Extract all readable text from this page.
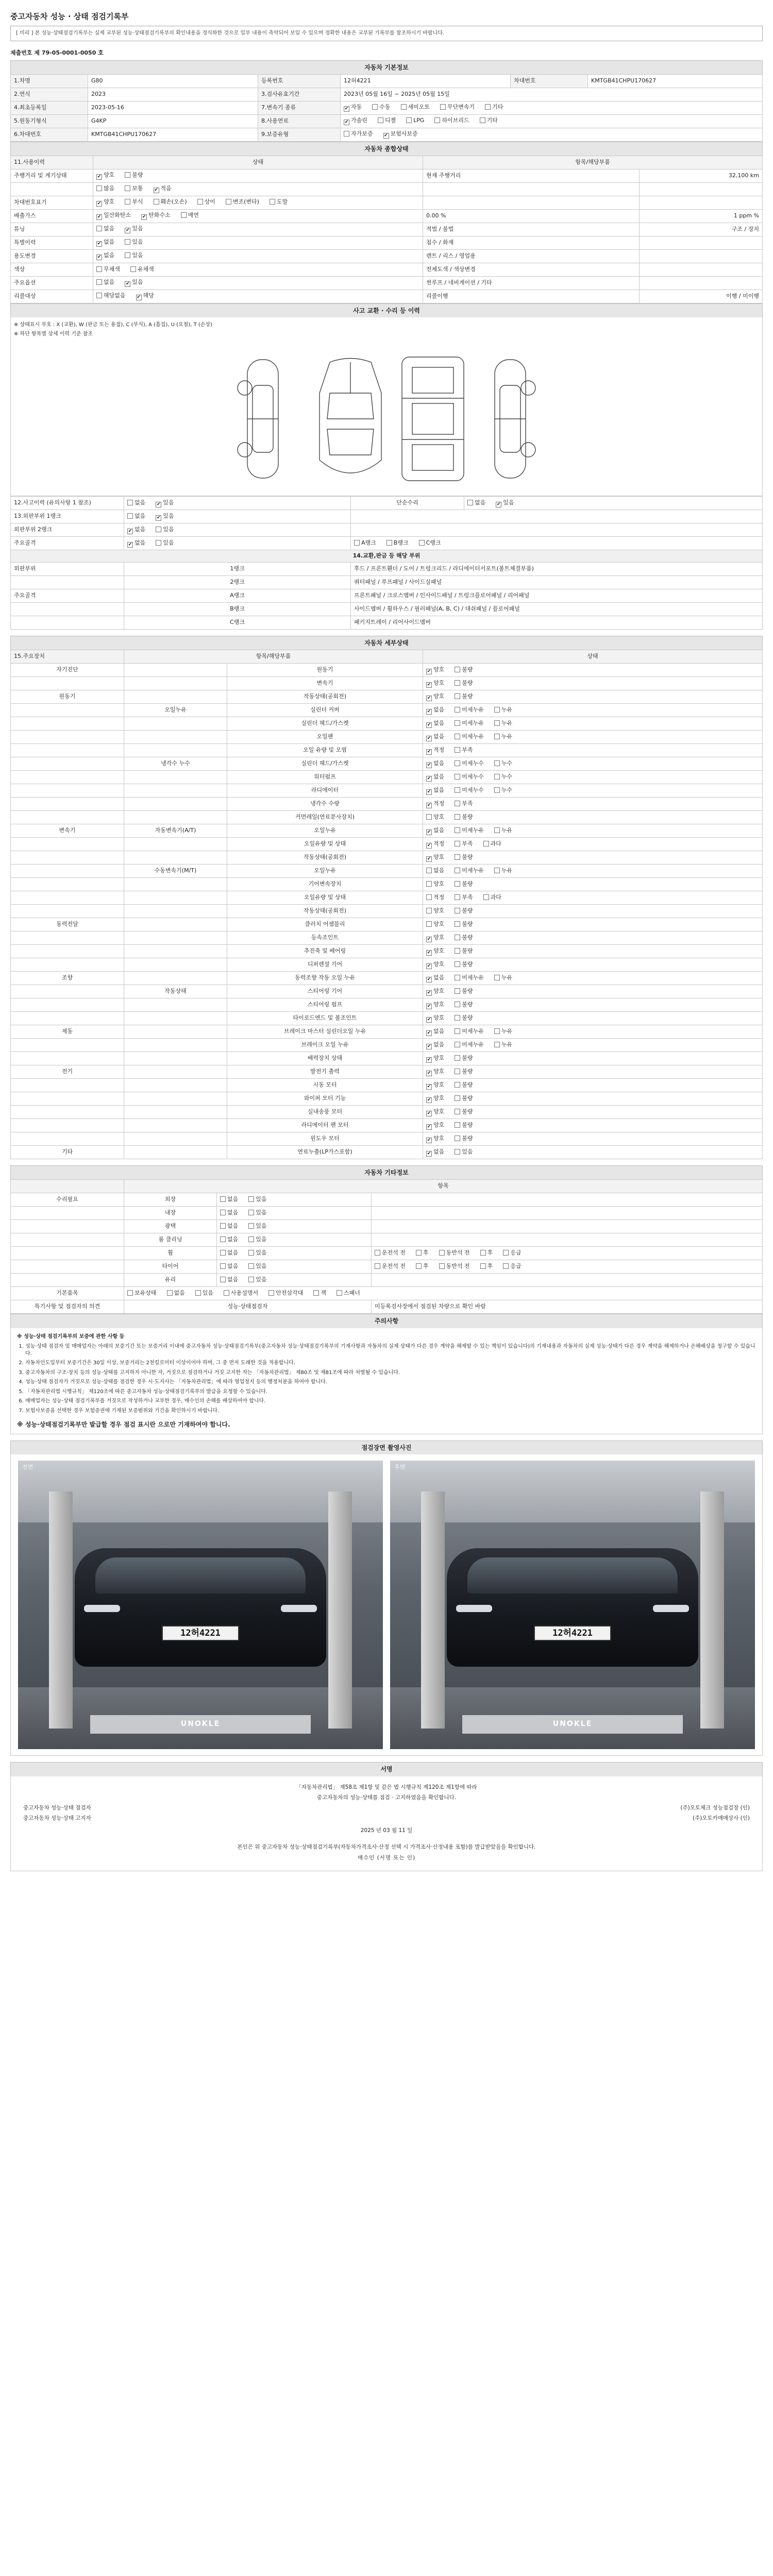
중고자동차 성능 · 상태 점검기록부
[ 미리 ] 본 성능·상태점검기록부는 실제 교부된 성능·상태점검기록부의 확인내용을 정식화한 것으로 일부 내용이 축약되어 보일 수 있으며 정확한 내용은 교부된 기록부를 참조하시기 바랍니다.
제출번호 제 79-05-0001-0050 호
자동차 기본정보
1.차명	G80	등록번호	12허4221	차대번호	KMTGB41CHPU170627
2.연식	2023	3.검사유효기간	2023년 05월 16일 ~ 2025년 05월 15일		
4.최초등록일	2023-05-16	7.변속기 종류	✔자동 수동 세미오토 무단변속기 기타
5.원동기형식	G4KP	8.사용연료	✔가솔린 디젤 LPG 하이브리드 기타
6.차대번호	KMTGB41CHPU170627	9.보증유형	자가보증 ✔ 보험사보증
자동차 종합상태
11.사용이력	상태	항목/해당부품	
주행거리 및 계기상태	✔양호 불량	현재 주행거리	32,100 km
	많음 보통 ✔ 적음		
차대번호표기	✔양호 부식 훼손(오손) 상이 변조(변타) 도말		
배출가스	✔일산화탄소 ✔ 탄화수소 매연	0.00 %	1 ppm %
튜닝	없음 ✔ 있음	적법 / 불법	구조 / 장치
특별이력	✔없음 있음	침수 / 화재	
용도변경	✔없음 있음	렌트 / 리스 / 영업용	
색상	무채색 유채색	전체도색 / 색상변경	
주요옵션	없음 ✔ 있음	썬루프 / 네비게이션 / 기타	
리콜대상	해당없음 ✔ 해당	리콜이행	이행 / 미이행
사고 교환 · 수리 등 이력
※ 상태표시 부호 : X (교환), W (판금 또는 용접), C (부식), A (흠집), U (요철), T (손상)
※ 하단 항목별 상세 이력 기준 참조
12.사고이력 (유의사항 1 참조)	없음 ✔ 있음	단순수리	없음 ✔ 있음
13.외판부위 1랭크	없음 ✔ 있음	
외판부위 2랭크	✔없음 있음	
주요골격	✔없음 있음	A랭크 B랭크 C랭크	
14.교환,판금 등 해당 부위
외판부위	1랭크	후드 / 프론트휀더 / 도어 / 트렁크리드 / 라디에이터서포트(볼트체결부품)
	2랭크	쿼터패널 / 루프패널 / 사이드실패널
주요골격	A랭크	프론트패널 / 크로스멤버 / 인사이드패널 / 트렁크플로어패널 / 리어패널
	B랭크	사이드멤버 / 휠하우스 / 필러패널(A, B, C) / 대쉬패널 / 플로어패널
	C랭크	패키지트레이 / 리어사이드멤버
자동차 세부상태
15.주요장치	항목/해당부품		상태
자기진단		원동기	✔양호 불량
		변속기	✔양호 불량
원동기		작동상태(공회전)	✔양호 불량
	오일누유	실린더 커버	✔없음 미세누유 누유
		실린더 헤드/가스켓	✔없음 미세누유 누유
		오일팬	✔없음 미세누유 누유
		오일 유량 및 오염	✔적정 부족
	냉각수 누수	실린더 헤드/가스켓	✔없음 미세누수 누수
		워터펌프	✔없음 미세누수 누수
		라디에이터	✔없음 미세누수 누수
		냉각수 수량	✔적정 부족
		커먼레일(연료분사장치)	양호 불량
변속기	자동변속기(A/T)	오일누유	✔없음 미세누유 누유
		오일유량 및 상태	✔적정 부족 과다
		작동상태(공회전)	✔양호 불량
	수동변속기(M/T)	오일누유	없음 미세누유 누유
		기어변속장치	양호 불량
		오일유량 및 상태	적정 부족 과다
		작동상태(공회전)	양호 불량
동력전달		클러치 어셈블리	양호 불량
		등속조인트	✔양호 불량
		추진축 및 베어링	✔양호 불량
		디퍼렌셜 기어	✔양호 불량
조향		동력조향 작동 오일 누유	✔없음 미세누유 누유
	작동상태	스티어링 기어	✔양호 불량
		스티어링 펌프	✔양호 불량
		타이로드엔드 및 볼조인트	✔양호 불량
제동		브레이크 마스터 실린더오일 누유	✔없음 미세누유 누유
		브레이크 오일 누유	✔없음 미세누유 누유
		배력장치 상태	✔양호 불량
전기		발전기 출력	✔양호 불량
		시동 모터	✔양호 불량
		와이퍼 모터 기능	✔양호 불량
		실내송풍 모터	✔양호 불량
		라디에이터 팬 모터	✔양호 불량
		윈도우 모터	✔양호 불량
기타		연료누출(LP가스포함)	✔없음 있음
자동차 기타정보
	항목		
수리필요	외장	없음 있음	
	내장	없음 있음	
	광택	없음 있음	
	룸 클리닝	없음 있음	
	휠	없음 있음	운전석 전 후 동반석 전 후 응급
	타이어	없음 있음	운전석 전 후 동반석 전 후 응급
	유리	없음 있음	
기본품목	보유상태 없음 있음 사용설명서 안전삼각대 잭 스패너		
특기사항 및 점검자의 의견	성능·상태점검자		미등록검사장에서 점검된 차량으로 확인 바람
주의사항
※ 성능·상태 점검기록부의 보증에 관한 사항 등
1. 성능·상태 점검자 및 매매업자는 아래의 보증기간 또는 보증거리 이내에 중고자동차 성능·상태점검기록부(중고자동차 성능·상태점검기록부의 기재사항과 자동차의 실제 상태가 다른 경우 계약을 해제할 수 있는 책임이 있습니다)의 기재내용과 자동차의 실제 성능·상태가 다른 경우 계약을 해제하거나 손해배상을 청구할 수 있습니다.
2. 자동차인도일부터 보증기간은 30일 이상, 보증거리는 2천킬로미터 이상이어야 하며, 그 중 먼저 도래한 것을 적용합니다.
3. 중고자동차의 구조·장치 등의 성능·상태를 고지하지 아니한 자, 거짓으로 점검하거나 거짓 고지한 자는 「자동차관리법」 제80조 및 제81조에 따라 처벌될 수 있습니다.
4. 성능·상태 점검자가 거짓으로 성능·상태를 점검한 경우 시·도지사는 「자동차관리법」에 따라 영업정지 등의 행정처분을 하여야 합니다.
5. 「자동차관리법 시행규칙」 제120조에 따른 중고자동차 성능·상태점검기록부의 발급을 요청할 수 있습니다.
6. 매매업자는 성능·상태 점검기록부를 거짓으로 작성하거나 교부한 경우, 매수인의 손해를 배상하여야 합니다.
7. 보험사보증을 선택한 경우 보험증권에 기재된 보증범위와 기간을 확인하시기 바랍니다.
※ 성능·상태점검기록부만 발급할 경우 점검 표시란 으로만 기재하여야 합니다.
점검장면 촬영사진
12허4221
UNOKLE
전면
12허4221
UNOKLE
후면
서명
「자동차관리법」 제58조 제1항 및 같은 법 시행규칙 제120조 제1항에 따라
중고자동차의 성능·상태를 점검 · 고지하였음을 확인합니다.
중고자동차 성능·상태 점검자	(주)오토체크 성능점검장 (인)
중고자동차 성능·상태 고지자	(주)오토카매매상사 (인)
2025 년 03 월 11 일
본인은 위 중고자동차 성능·상태점검기록부(자동차가격조사·산정 선택 시 가격조사·산정내용 포함)를 발급받았음을 확인합니다.
매수인 (서명 또는 인)
